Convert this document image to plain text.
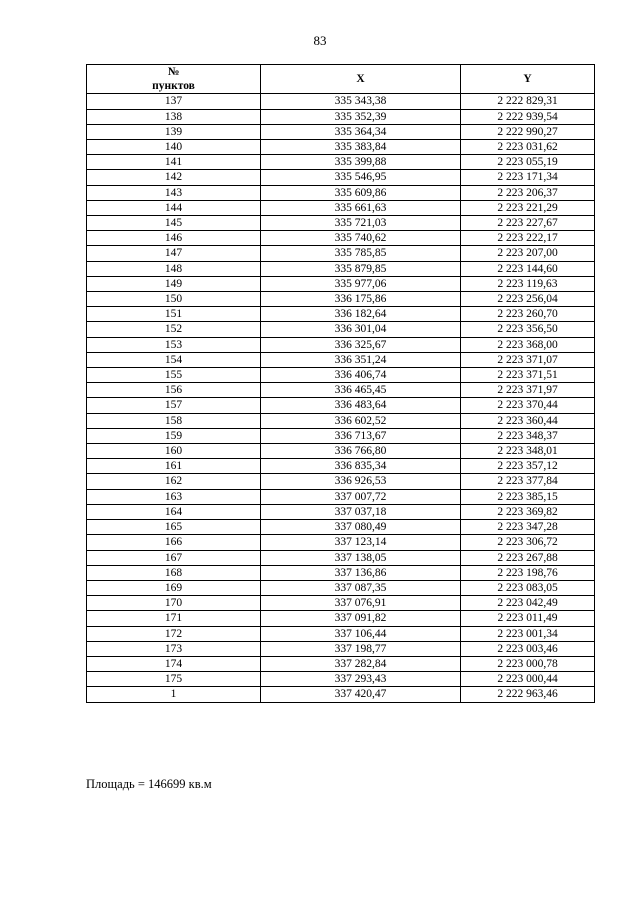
83
№
пунктов	X	Y
137	335 343,38	2 222 829,31
138	335 352,39	2 222 939,54
139	335 364,34	2 222 990,27
140	335 383,84	2 223 031,62
141	335 399,88	2 223 055,19
142	335 546,95	2 223 171,34
143	335 609,86	2 223 206,37
144	335 661,63	2 223 221,29
145	335 721,03	2 223 227,67
146	335 740,62	2 223 222,17
147	335 785,85	2 223 207,00
148	335 879,85	2 223 144,60
149	335 977,06	2 223 119,63
150	336 175,86	2 223 256,04
151	336 182,64	2 223 260,70
152	336 301,04	2 223 356,50
153	336 325,67	2 223 368,00
154	336 351,24	2 223 371,07
155	336 406,74	2 223 371,51
156	336 465,45	2 223 371,97
157	336 483,64	2 223 370,44
158	336 602,52	2 223 360,44
159	336 713,67	2 223 348,37
160	336 766,80	2 223 348,01
161	336 835,34	2 223 357,12
162	336 926,53	2 223 377,84
163	337 007,72	2 223 385,15
164	337 037,18	2 223 369,82
165	337 080,49	2 223 347,28
166	337 123,14	2 223 306,72
167	337 138,05	2 223 267,88
168	337 136,86	2 223 198,76
169	337 087,35	2 223 083,05
170	337 076,91	2 223 042,49
171	337 091,82	2 223 011,49
172	337 106,44	2 223 001,34
173	337 198,77	2 223 003,46
174	337 282,84	2 223 000,78
175	337 293,43	2 223 000,44
1	337 420,47	2 222 963,46
Площадь = 146699 кв.м
